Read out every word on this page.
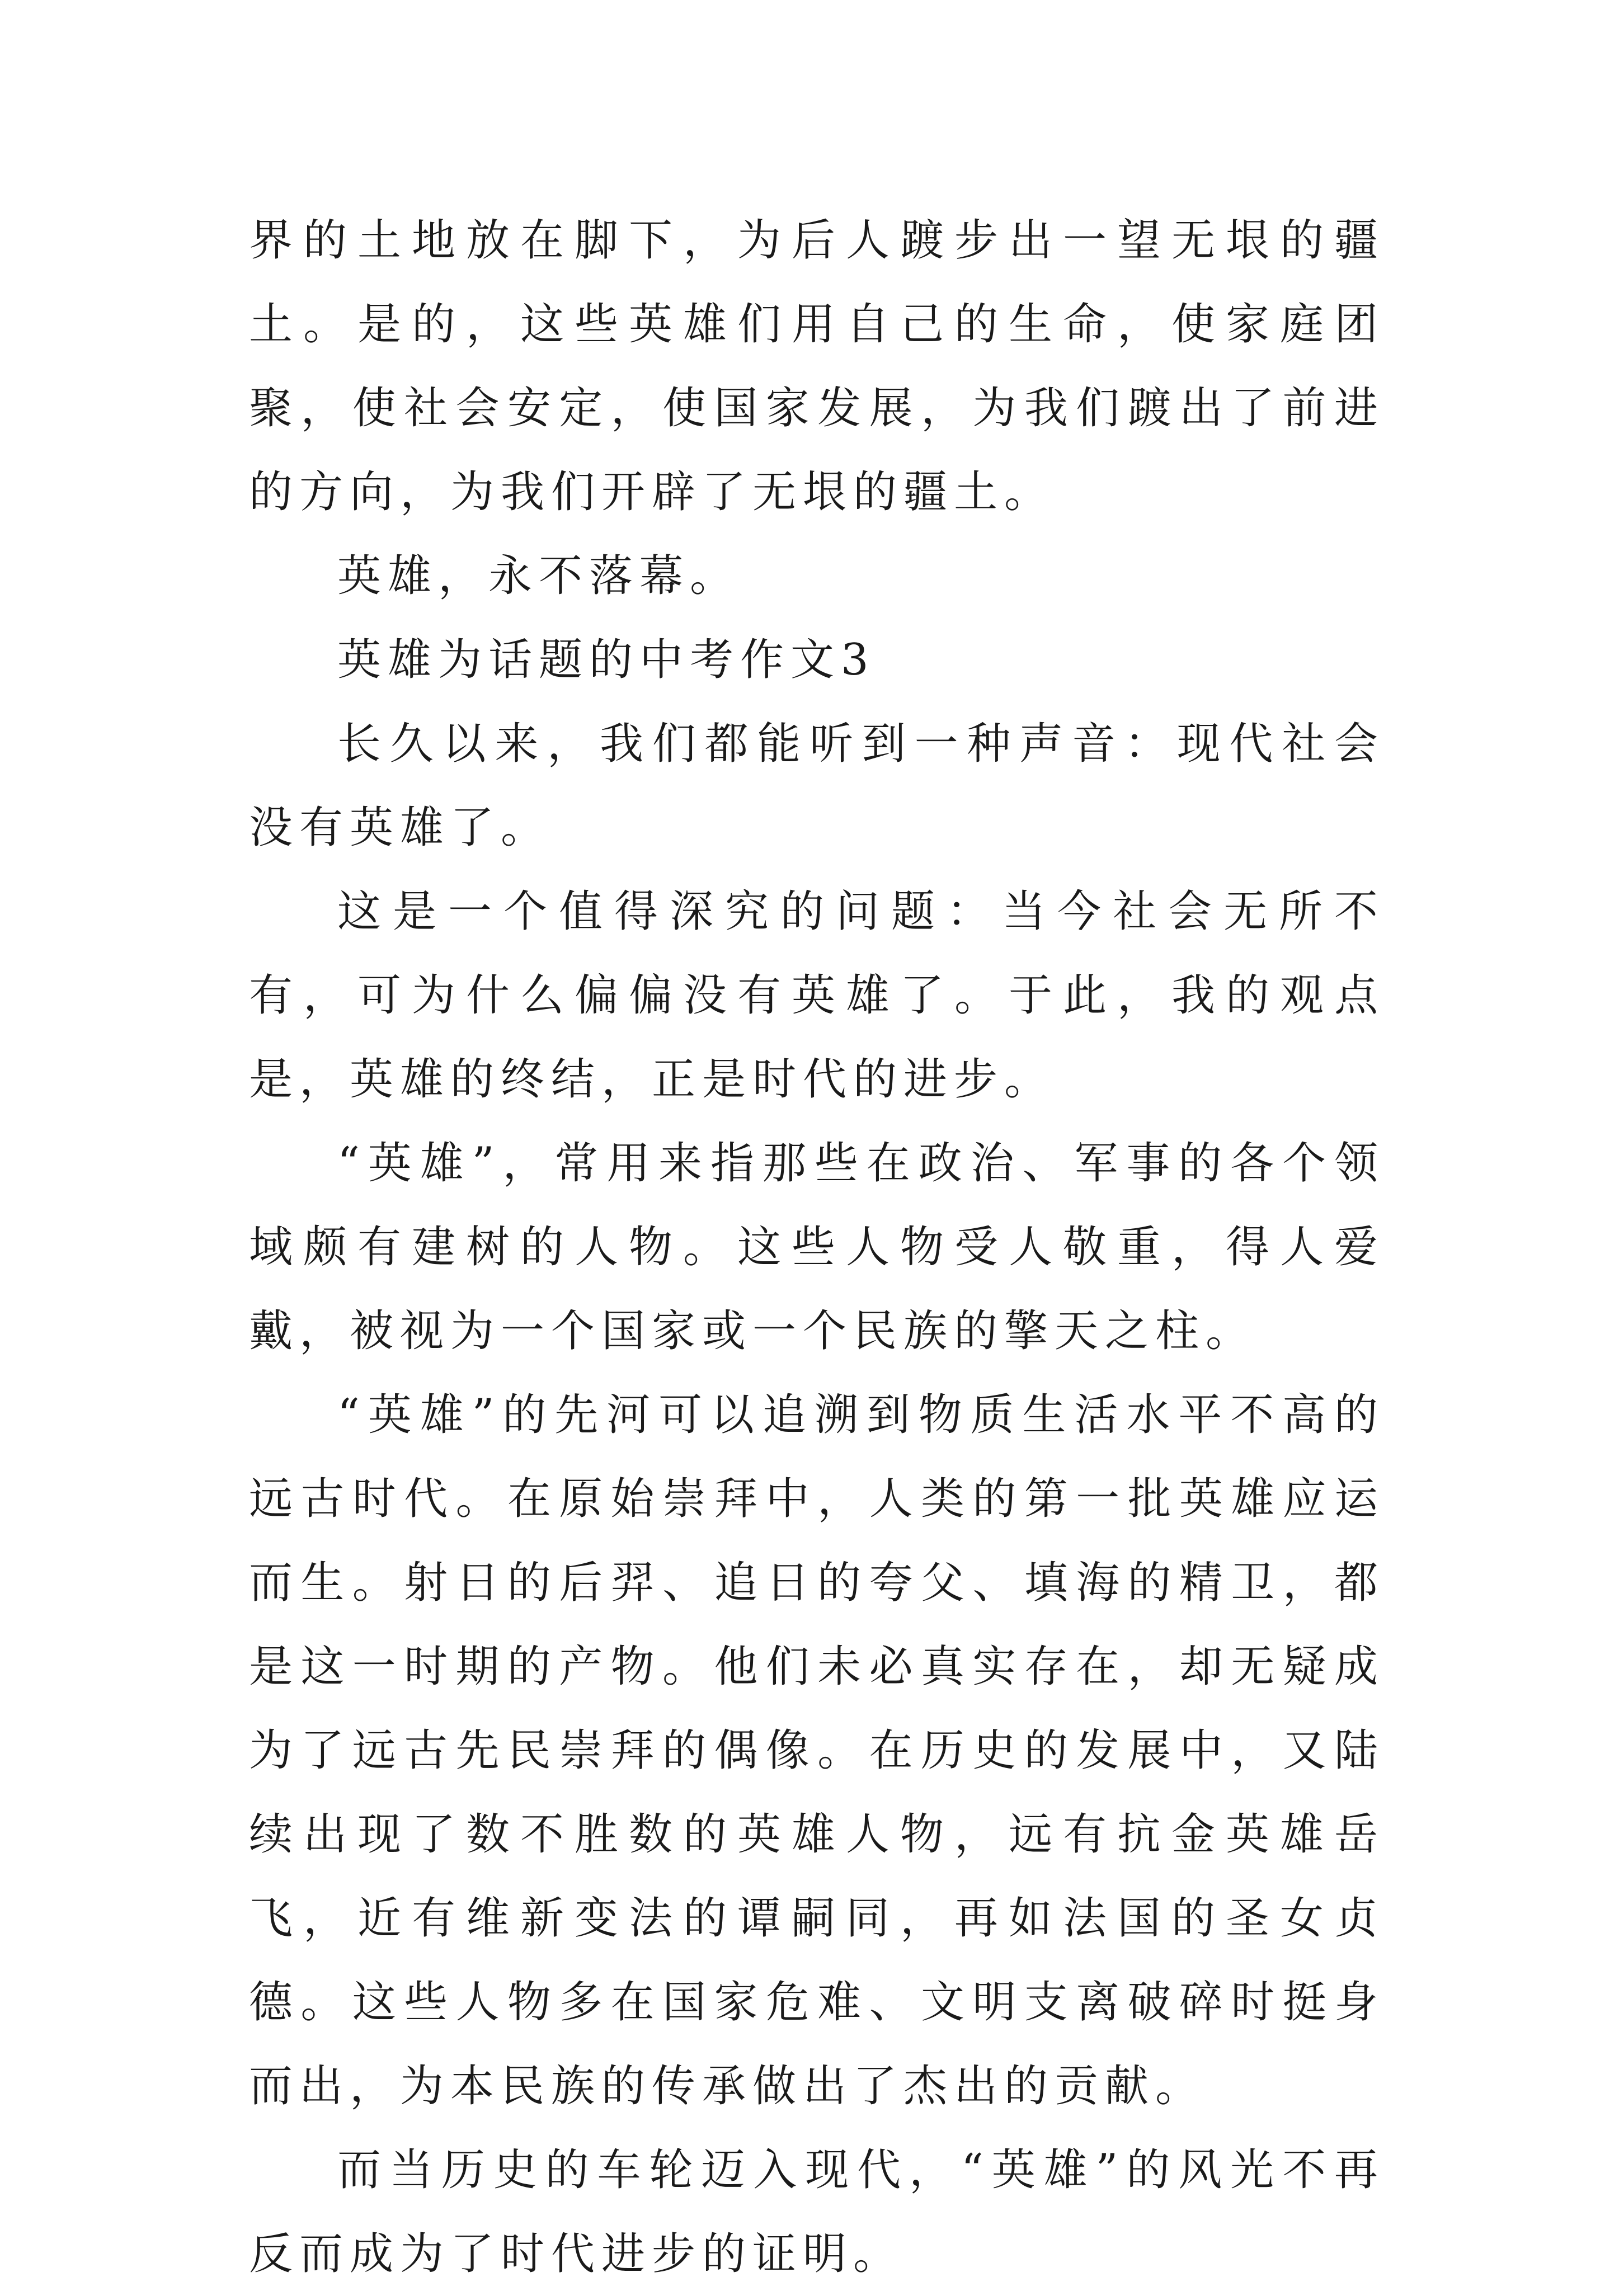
界的土地放在脚下，为后人踱步出一望无垠的疆土。是的，这些英雄们用自己的生命，使家庭团聚，使社会安定，使国家发展，为我们踱出了前进的方向，为我们开辟了无垠的疆土。

英雄，永不落幕。

英雄为话题的中考作文3

长久以来，我们都能听到一种声音：现代社会没有英雄了。

这是一个值得深究的问题：当今社会无所不有，可为什么偏偏没有英雄了。于此，我的观点是，英雄的终结，正是时代的进步。

“英雄”，常用来指那些在政治、军事的各个领域颇有建树的人物。这些人物受人敬重，得人爱戴，被视为一个国家或一个民族的擎天之柱。

“英雄”的先河可以追溯到物质生活水平不高的远古时代。在原始崇拜中，人类的第一批英雄应运而生。射日的后羿、追日的夸父、填海的精卫，都是这一时期的产物。他们未必真实存在，却无疑成为了远古先民崇拜的偶像。在历史的发展中，又陆续出现了数不胜数的英雄人物，远有抗金英雄岳飞，近有维新变法的谭嗣同，再如法国的圣女贞德。这些人物多在国家危难、文明支离破碎时挺身而出，为本民族的传承做出了杰出的贡献。

而当历史的车轮迈入现代，“英雄”的风光不再反而成为了时代进步的证明。
